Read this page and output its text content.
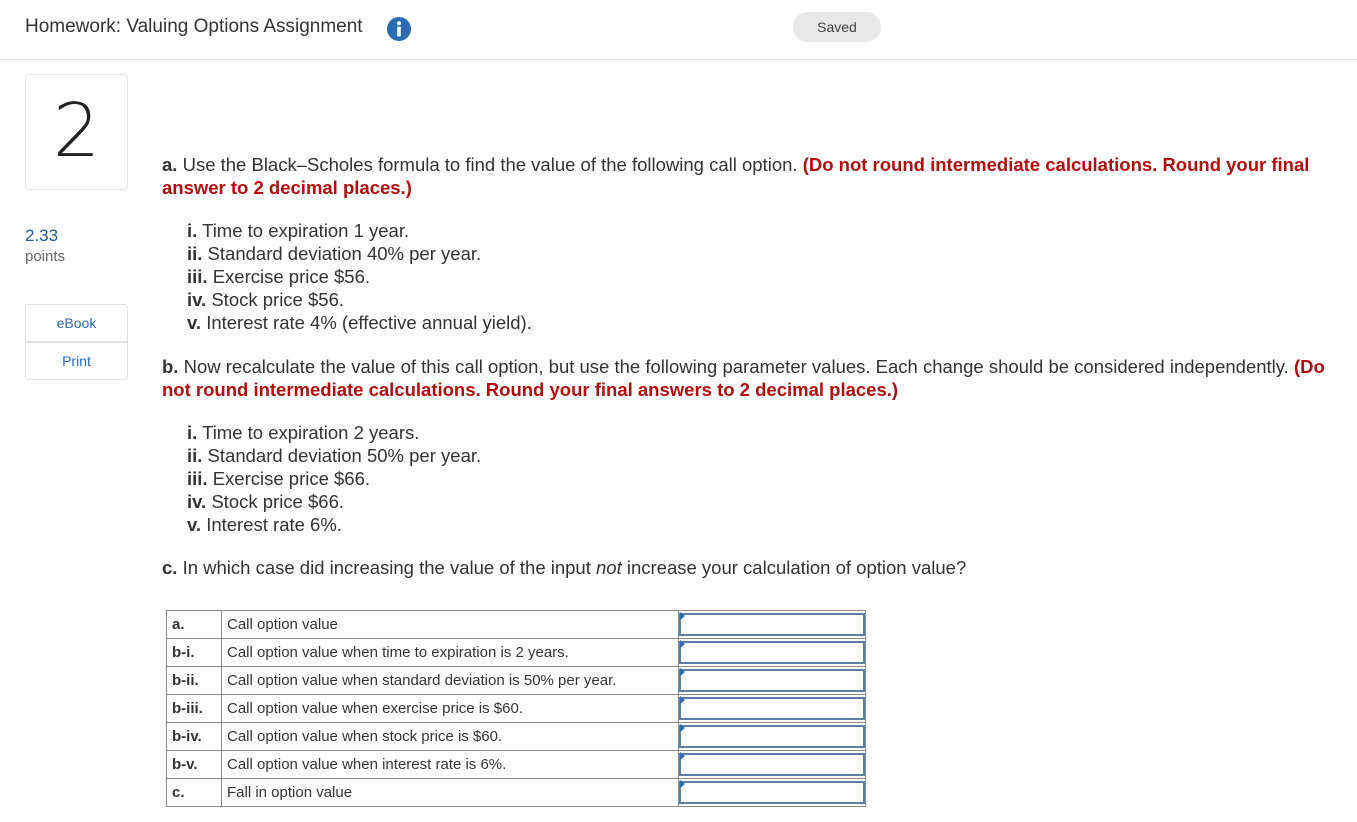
Homework: Valuing Options Assignment	Saved
2
2.33
points
eBook
Print

a. Use the Black–Scholes formula to find the value of the following call option. (Do not round intermediate calculations. Round your final answer to 2 decimal places.)

i. Time to expiration 1 year.
ii. Standard deviation 40% per year.
iii. Exercise price $56.
iv. Stock price $56.
v. Interest rate 4% (effective annual yield).

b. Now recalculate the value of this call option, but use the following parameter values. Each change should be considered independently. (Do not round intermediate calculations. Round your final answers to 2 decimal places.)

i. Time to expiration 2 years.
ii. Standard deviation 50% per year.
iii. Exercise price $66.
iv. Stock price $66.
v. Interest rate 6%.

c. In which case did increasing the value of the input not increase your calculation of option value?

a.	Call option value	

b-i.	Call option value when time to expiration is 2 years.	

b-ii.	Call option value when standard deviation is 50% per year.	

b-iii.	Call option value when exercise price is $60.	

b-iv.	Call option value when stock price is $60.	

b-v.	Call option value when interest rate is 6%.	

c.	Fall in option value	
